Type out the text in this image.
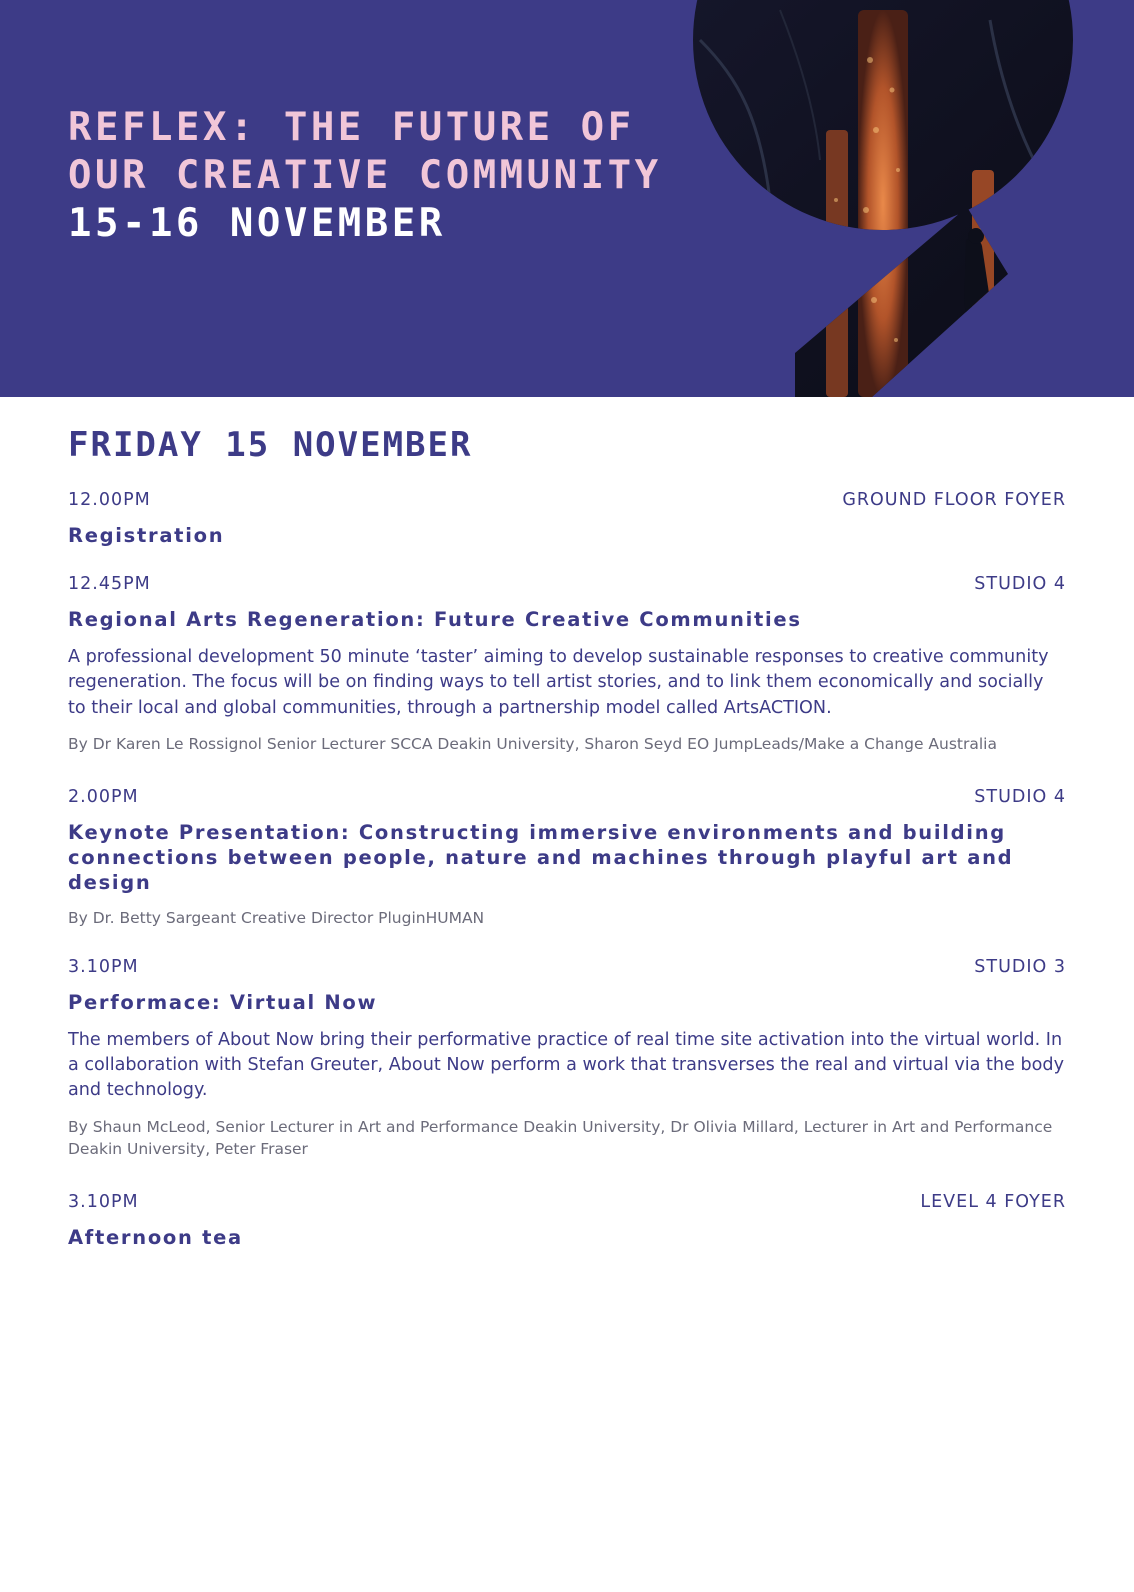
REFLEX: THE FUTURE OF
OUR CREATIVE COMMUNITY
15-16 NOVEMBER
FRIDAY 15 NOVEMBER
12.00PM	GROUND FLOOR FOYER
Registration
12.45PM	STUDIO 4
Regional Arts Regeneration: Future Creative Communities

A professional development 50 minute ‘taster’ aiming to develop sustainable responses to creative community regeneration. The focus will be on finding ways to tell artist stories, and to link them economically and socially to their local and global communities, through a partnership model called ArtsACTION.

By Dr Karen Le Rossignol Senior Lecturer SCCA Deakin University, Sharon Seyd EO JumpLeads/Make a Change Australia

2.00PM	STUDIO 4
Keynote Presentation: Constructing immersive environments and building connections between people, nature and machines through playful art and design

By Dr. Betty Sargeant Creative Director PluginHUMAN

3.10PM	STUDIO 3
Performace: Virtual Now

The members of About Now bring their performative practice of real time site activation into the virtual world. In a collaboration with Stefan Greuter, About Now perform a work that transverses the real and virtual via the body and technology.

By Shaun McLeod, Senior Lecturer in Art and Performance Deakin University, Dr Olivia Millard, Lecturer in Art and Performance Deakin University, Peter Fraser

3.10PM	LEVEL 4 FOYER
Afternoon tea
